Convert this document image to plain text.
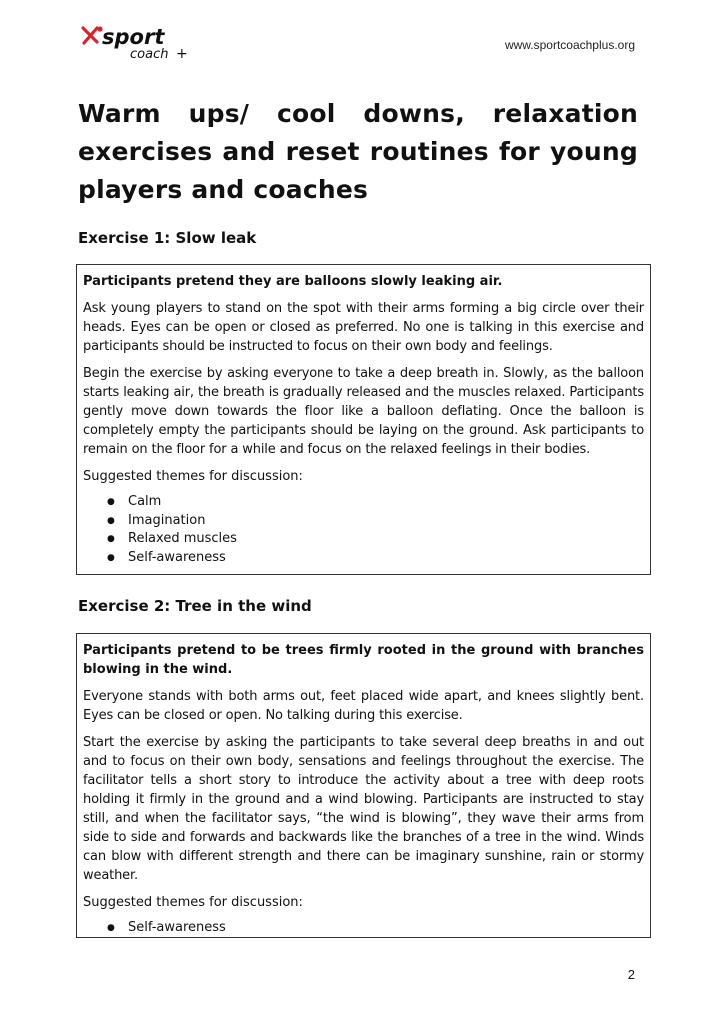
sport
coach +
www.sportcoachplus.org
Warm ups/ cool downs, relaxation exercises and reset routines for young players and coaches
Exercise 1: Slow leak

Participants pretend they are balloons slowly leaking air.

Ask young players to stand on the spot with their arms forming a big circle over their heads. Eyes can be open or closed as preferred. No one is talking in this exercise and participants should be instructed to focus on their own body and feelings.

Begin the exercise by asking everyone to take a deep breath in. Slowly, as the balloon starts leaking air, the breath is gradually released and the muscles relaxed. Participants gently move down towards the floor like a balloon deflating. Once the balloon is completely empty the participants should be laying on the ground. Ask participants to remain on the floor for a while and focus on the relaxed feelings in their bodies.

Suggested themes for discussion:

● Calm
● Imagination
● Relaxed muscles
● Self-awareness
Exercise 2: Tree in the wind

Participants pretend to be trees firmly rooted in the ground with branches blowing in the wind.

Everyone stands with both arms out, feet placed wide apart, and knees slightly bent. Eyes can be closed or open. No talking during this exercise.

Start the exercise by asking the participants to take several deep breaths in and out and to focus on their own body, sensations and feelings throughout the exercise. The facilitator tells a short story to introduce the activity about a tree with deep roots holding it firmly in the ground and a wind blowing. Participants are instructed to stay still, and when the facilitator says, “the wind is blowing”, they wave their arms from side to side and forwards and backwards like the branches of a tree in the wind. Winds can blow with different strength and there can be imaginary sunshine, rain or stormy weather.

Suggested themes for discussion:

● Self-awareness
2
